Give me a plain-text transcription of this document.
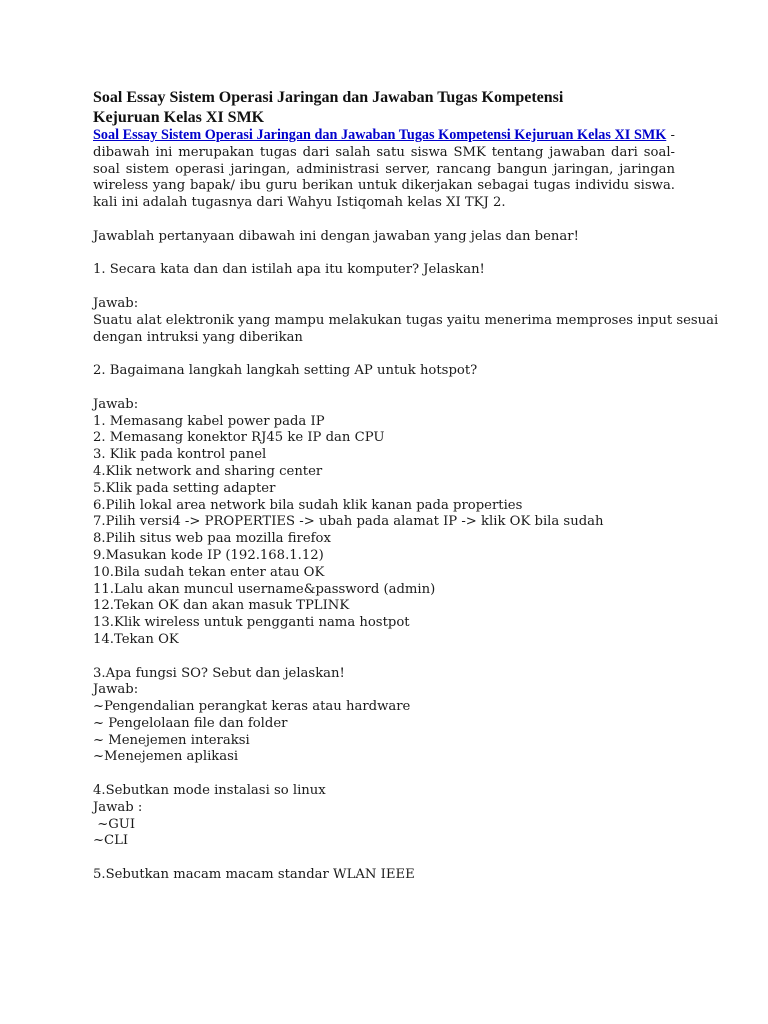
Soal Essay Sistem Operasi Jaringan dan Jawaban Tugas Kompetensi
Kejuruan Kelas XI SMK

Soal Essay Sistem Operasi Jaringan dan Jawaban Tugas Kompetensi Kejuruan Kelas XI SMK - dibawah ini merupakan tugas dari salah satu siswa SMK tentang jawaban dari soal-soal sistem operasi jaringan, administrasi server, rancang bangun jaringan, jaringan wireless yang bapak/ ibu guru berikan untuk dikerjakan sebagai tugas individu siswa. kali ini adalah tugasnya dari Wahyu Istiqomah kelas XI TKJ 2.

Jawablah pertanyaan dibawah ini dengan jawaban yang jelas dan benar!

1. Secara kata dan dan istilah apa itu komputer? Jelaskan!

Jawab:
Suatu alat elektronik yang mampu melakukan tugas yaitu menerima memproses input sesuai
dengan intruksi yang diberikan

2. Bagaimana langkah langkah setting AP untuk hotspot?

Jawab:
1. Memasang kabel power pada IP
2. Memasang konektor RJ45 ke IP dan CPU
3. Klik pada kontrol panel
4.Klik network and sharing center
5.Klik pada setting adapter
6.Pilih lokal area network bila sudah klik kanan pada properties
7.Pilih versi4 -> PROPERTIES -> ubah pada alamat IP -> klik OK bila sudah
8.Pilih situs web paa mozilla firefox
9.Masukan kode IP (192.168.1.12)
10.Bila sudah tekan enter atau OK
11.Lalu akan muncul username&password (admin)
12.Tekan OK dan akan masuk TPLINK
13.Klik wireless untuk pengganti nama hostpot
14.Tekan OK
3.Apa fungsi SO? Sebut dan jelaskan!
Jawab:
~Pengendalian perangkat keras atau hardware
~ Pengelolaan file dan folder
~ Menejemen interaksi
~Menejemen aplikasi
4.Sebutkan mode instalasi so linux
Jawab :
~GUI
~CLI

5.Sebutkan macam macam standar WLAN IEEE
